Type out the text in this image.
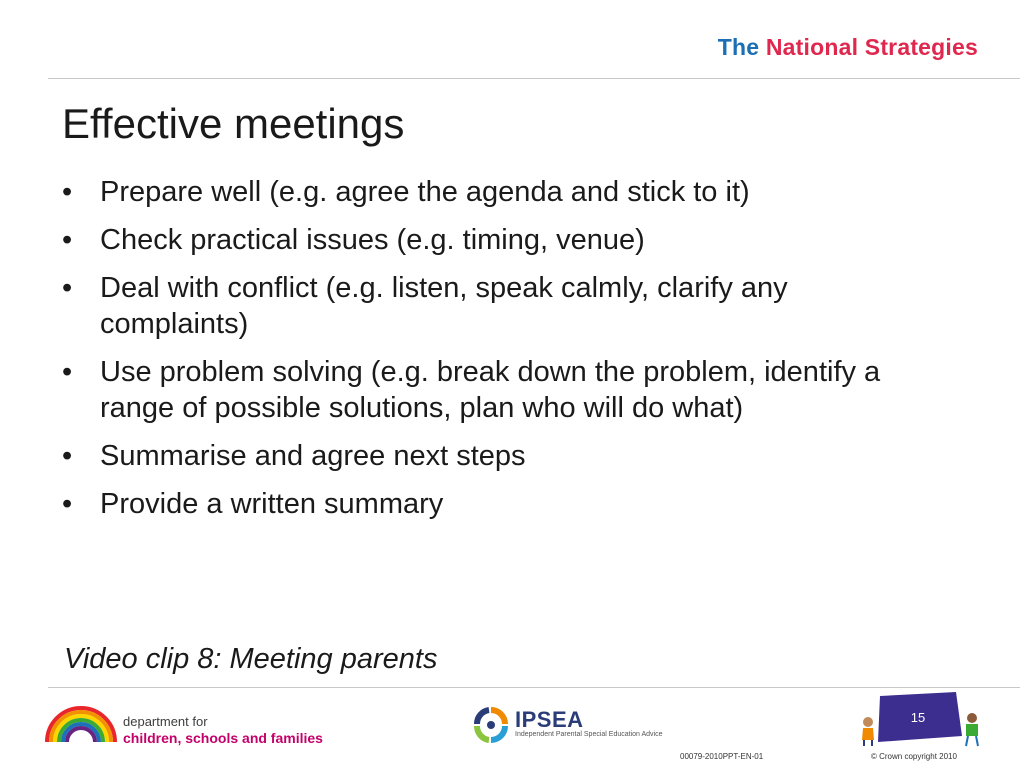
The National Strategies
Effective meetings
• Prepare well (e.g. agree the agenda and stick to it)
• Check practical issues (e.g. timing, venue)
• Deal with conflict (e.g. listen, speak calmly, clarify any complaints)
• Use problem solving (e.g. break down the problem, identify a range of possible solutions, plan who will do what)
• Summarise and agree next steps
• Provide a written summary
Video clip 8: Meeting parents
department for
children, schools and families
IPSEA
Independent Parental Special Education Advice
15
00079-2010PPT-EN-01	© Crown copyright 2010
